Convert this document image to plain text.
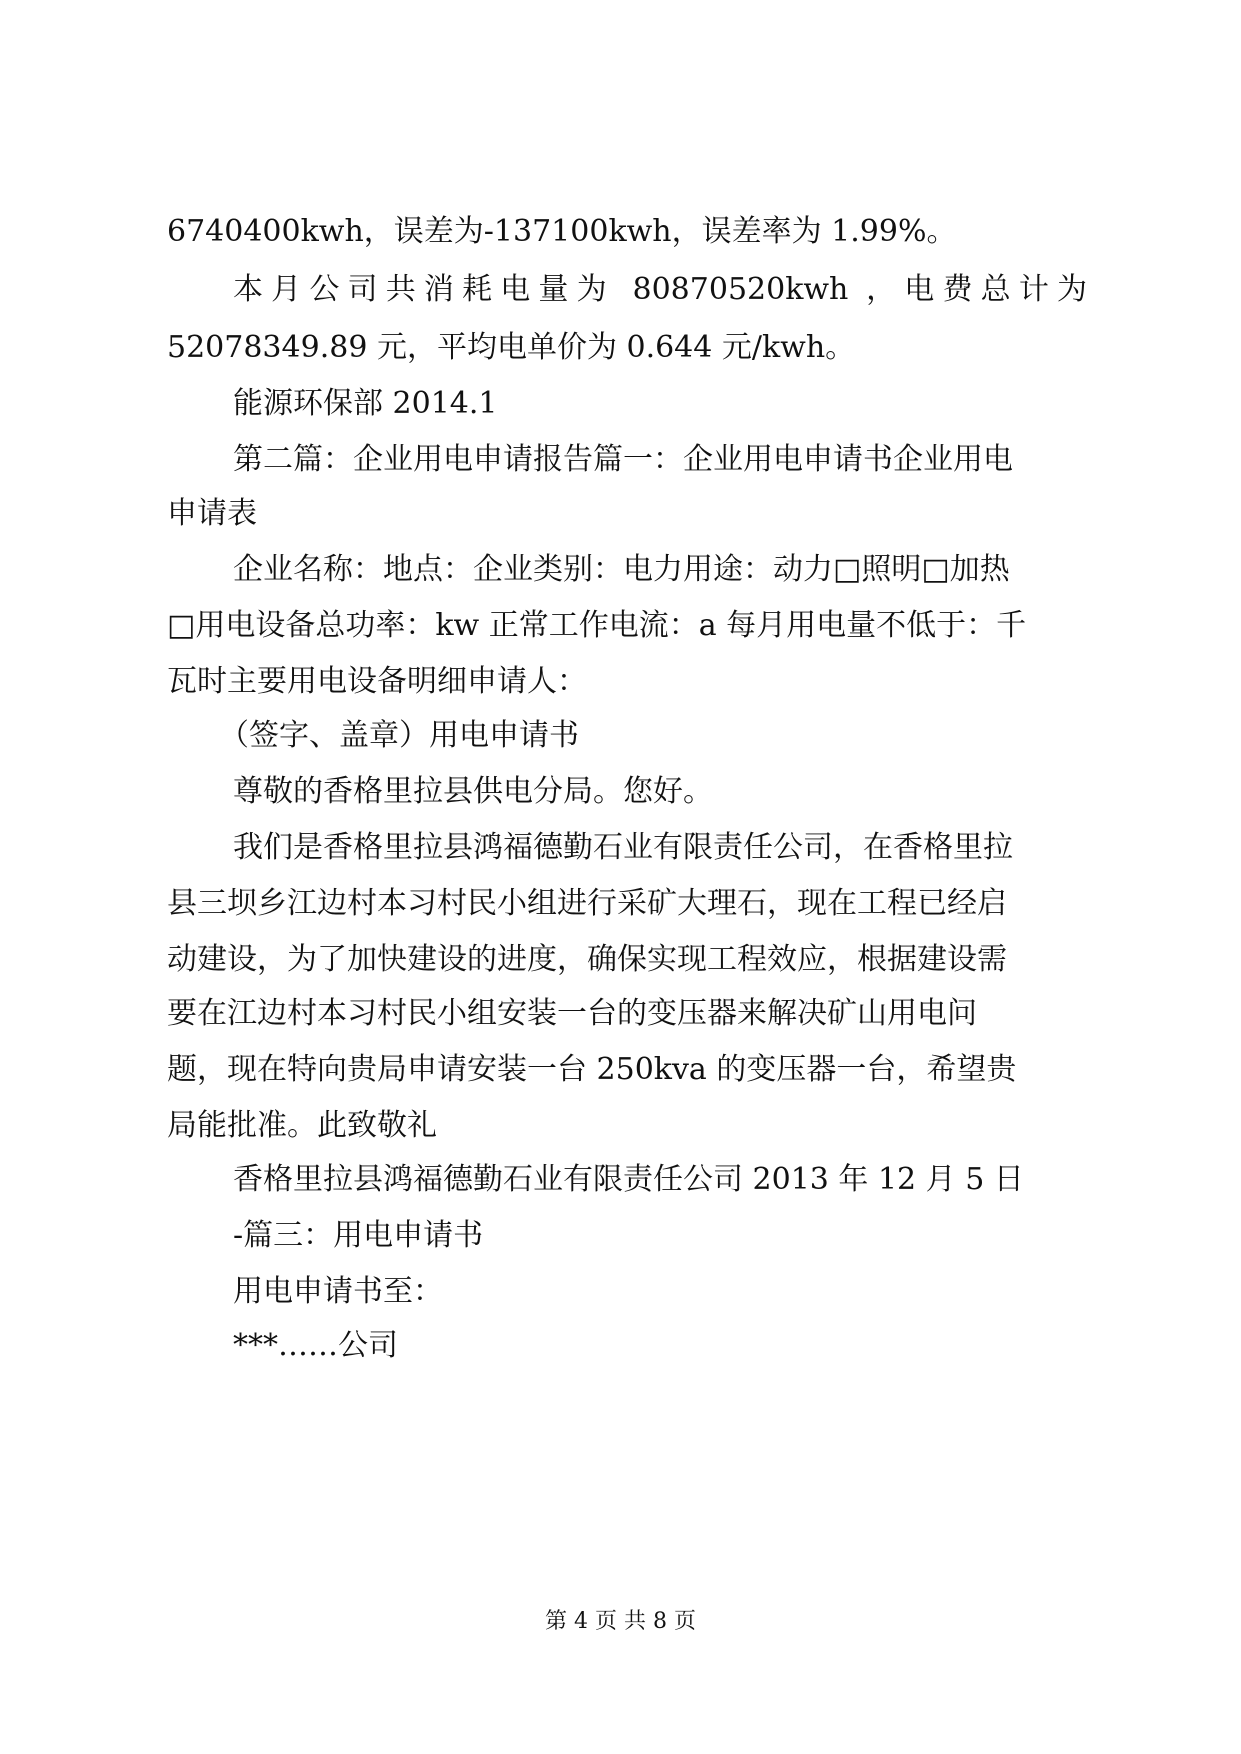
6740400kwh，误差为-137100kwh，误差率为 1.99%。
本月公司共消耗电量为 80870520kwh ，电费总计为
52078349.89 元，平均电单价为 0.644 元/kwh。
能源环保部 2014.1
第二篇：企业用电申请报告篇一：企业用电申请书企业用电
申请表
企业名称：地点：企业类别：电力用途：动力□照明□加热
□用电设备总功率：kw 正常工作电流：a 每月用电量不低于：千
瓦时主要用电设备明细申请人：
（签字、盖章）用电申请书
尊敬的香格里拉县供电分局。您好。
我们是香格里拉县鸿福德勤石业有限责任公司，在香格里拉
县三坝乡江边村本习村民小组进行采矿大理石，现在工程已经启
动建设，为了加快建设的进度，确保实现工程效应，根据建设需
要在江边村本习村民小组安装一台的变压器来解决矿山用电问
题，现在特向贵局申请安装一台 250kva 的变压器一台，希望贵
局能批准。此致敬礼
香格里拉县鸿福德勤石业有限责任公司 2013 年 12 月 5 日
-篇三：用电申请书
用电申请书至：
***……公司
第 4 页 共 8 页
